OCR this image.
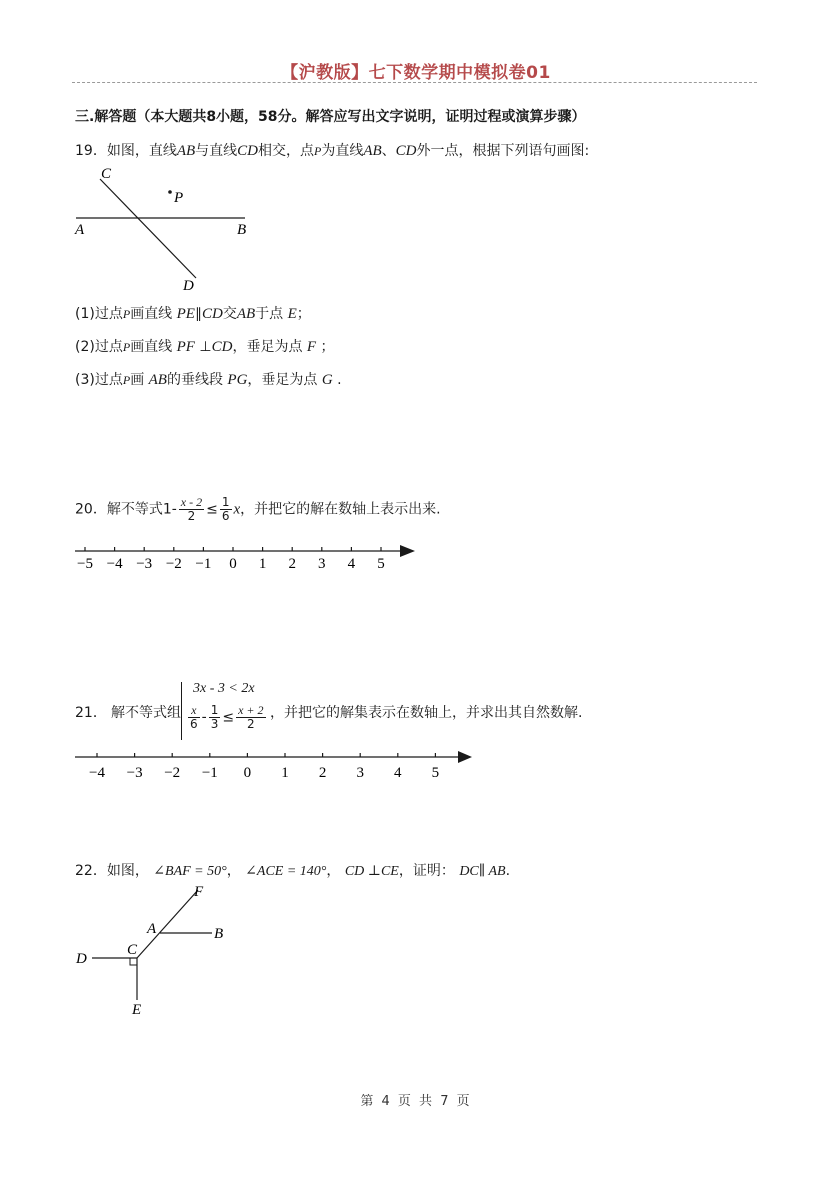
【沪教版】七下数学期中模拟卷01
三.解答题（本大题共8小题，58分。解答应写出文字说明，证明过程或演算步骤）
19．如图，直线AB与直线CD相交，点P为直线AB、CD外一点，根据下列语句画图:
C
P
A	B
D
(1)过点P画直线 PE∥CD交AB于点 E；
(2)过点P画直线 PF ⊥CD，垂足为点 F ；
(3)过点P画 AB的垂线段 PG，垂足为点 G .
20．解不等式$1- \frac{x - 2}{2} \le \frac{1}{6}$ x，并把它的解在数轴上表示出来.
−5 −4 −3 −2 −1 0 1 2 3 4 5
21． 解不等式组
3x - 3 < 2x
$\frac{x}{6} - \frac{1}{3} \le \frac{x + 2}{2}$ ，并把它的解集表示在数轴上，并求出其自然数解.
−4 −3 −2 −1 0 1 2 3 4 5
22．如图， ∠BAF = 50°， ∠ACE = 140°， CD ⊥CE，证明： DC∥ AB.
F
A	B
C
D
E
第 4 页 共 7 页
